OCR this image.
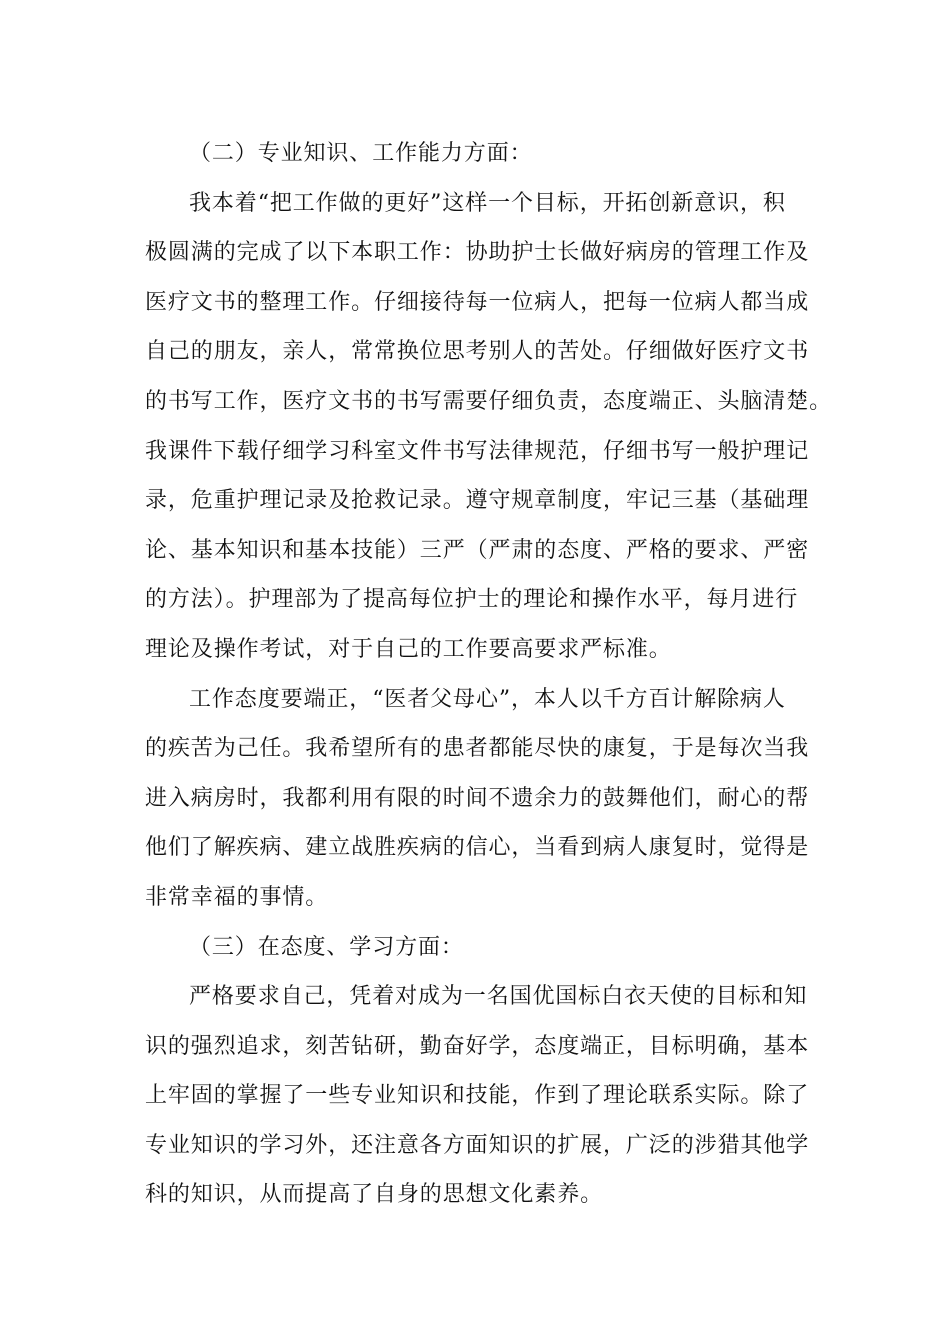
（二）专业知识、工作能力方面：
我本着“把工作做的更好”这样一个目标，开拓创新意识，积
极圆满的完成了以下本职工作：协助护士长做好病房的管理工作及
医疗文书的整理工作。仔细接待每一位病人，把每一位病人都当成
自己的朋友，亲人，常常换位思考别人的苦处。仔细做好医疗文书
的书写工作，医疗文书的书写需要仔细负责，态度端正、头脑清楚。
我课件下载仔细学习科室文件书写法律规范，仔细书写一般护理记
录，危重护理记录及抢救记录。遵守规章制度，牢记三基（基础理
论、基本知识和基本技能）三严（严肃的态度、严格的要求、严密
的方法）。护理部为了提高每位护士的理论和操作水平，每月进行
理论及操作考试，对于自己的工作要高要求严标准。
工作态度要端正，“医者父母心”，本人以千方百计解除病人
的疾苦为己任。我希望所有的患者都能尽快的康复，于是每次当我
进入病房时，我都利用有限的时间不遗余力的鼓舞他们，耐心的帮
他们了解疾病、建立战胜疾病的信心，当看到病人康复时，觉得是
非常幸福的事情。
（三）在态度、学习方面：
严格要求自己，凭着对成为一名国优国标白衣天使的目标和知
识的强烈追求，刻苦钻研，勤奋好学，态度端正，目标明确，基本
上牢固的掌握了一些专业知识和技能，作到了理论联系实际。除了
专业知识的学习外，还注意各方面知识的扩展，广泛的涉猎其他学
科的知识，从而提高了自身的思想文化素养。
